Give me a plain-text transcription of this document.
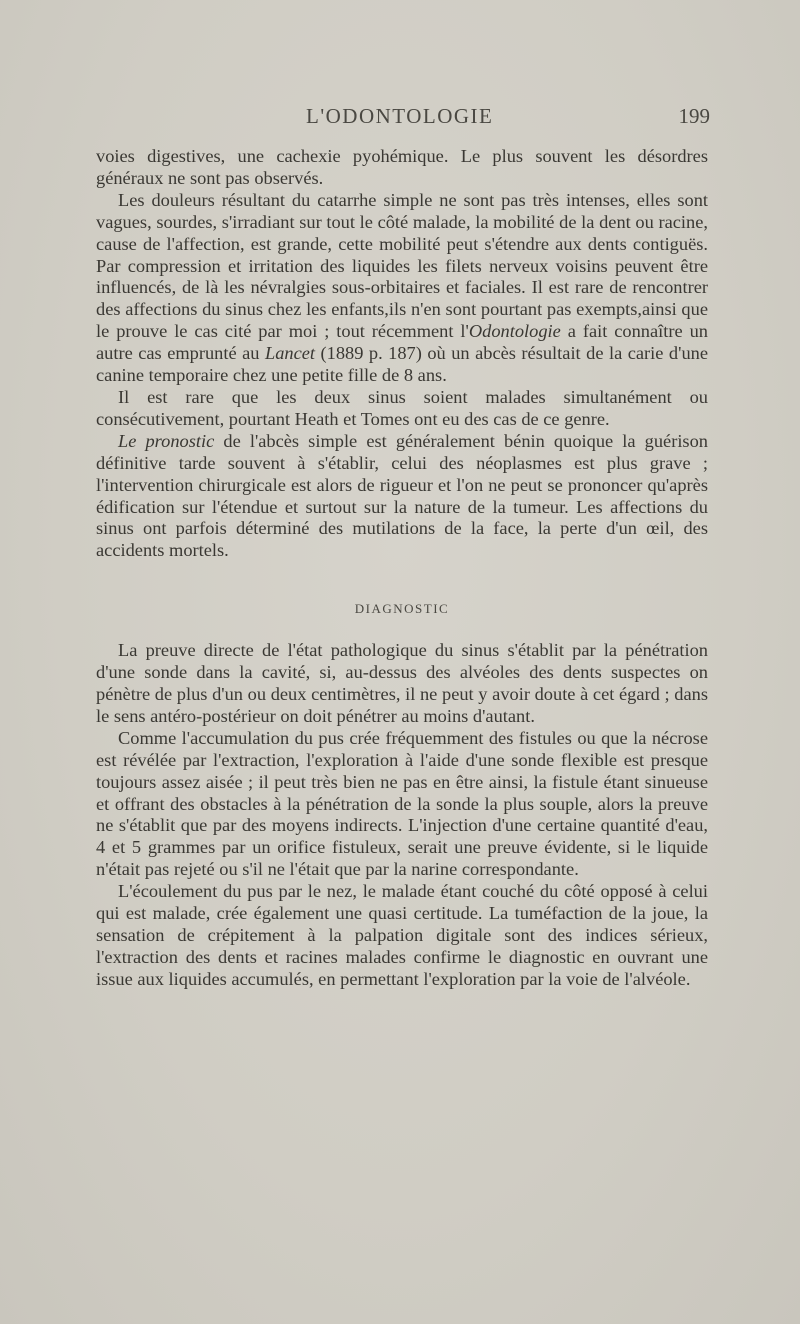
L'ODONTOLOGIE	199

voies digestives, une cachexie pyohémique. Le plus souvent les désordres généraux ne sont pas observés.

Les douleurs résultant du catarrhe simple ne sont pas très intenses, elles sont vagues, sourdes, s'irradiant sur tout le côté malade, la mobilité de la dent ou racine, cause de l'affection, est grande, cette mobilité peut s'étendre aux dents contiguës. Par compression et irritation des liquides les filets nerveux voisins peuvent être influencés, de là les névralgies sous-orbitaires et faciales. Il est rare de rencontrer des affections du sinus chez les enfants,ils n'en sont pourtant pas exempts,ainsi que le prouve le cas cité par moi ; tout récemment l'Odontologie a fait connaître un autre cas emprunté au Lancet (1889 p. 187) où un abcès résultait de la carie d'une canine temporaire chez une petite fille de 8 ans.

Il est rare que les deux sinus soient malades simultanément ou consécutivement, pourtant Heath et Tomes ont eu des cas de ce genre.

Le pronostic de l'abcès simple est généralement bénin quoique la guérison définitive tarde souvent à s'établir, celui des néoplasmes est plus grave ; l'intervention chirurgicale est alors de rigueur et l'on ne peut se prononcer qu'après édification sur l'étendue et surtout sur la nature de la tumeur. Les affections du sinus ont parfois déterminé des mutilations de la face, la perte d'un œil, des accidents mortels.

DIAGNOSTIC

La preuve directe de l'état pathologique du sinus s'établit par la pénétration d'une sonde dans la cavité, si, au-dessus des alvéoles des dents suspectes on pénètre de plus d'un ou deux centimètres, il ne peut y avoir doute à cet égard ; dans le sens antéro-postérieur on doit pénétrer au moins d'autant.

Comme l'accumulation du pus crée fréquemment des fistules ou que la nécrose est révélée par l'extraction, l'exploration à l'aide d'une sonde flexible est presque toujours assez aisée ; il peut très bien ne pas en être ainsi, la fistule étant sinueuse et offrant des obstacles à la pénétration de la sonde la plus souple, alors la preuve ne s'établit que par des moyens indirects. L'injection d'une certaine quantité d'eau, 4 et 5 grammes par un orifice fistuleux, serait une preuve évidente, si le liquide n'était pas rejeté ou s'il ne l'était que par la narine correspondante.

L'écoulement du pus par le nez, le malade étant couché du côté opposé à celui qui est malade, crée également une quasi certitude. La tuméfaction de la joue, la sensation de crépitement à la palpation digitale sont des indices sérieux, l'extraction des dents et racines malades confirme le diagnostic en ouvrant une issue aux liquides accumulés, en permettant l'exploration par la voie de l'alvéole.
